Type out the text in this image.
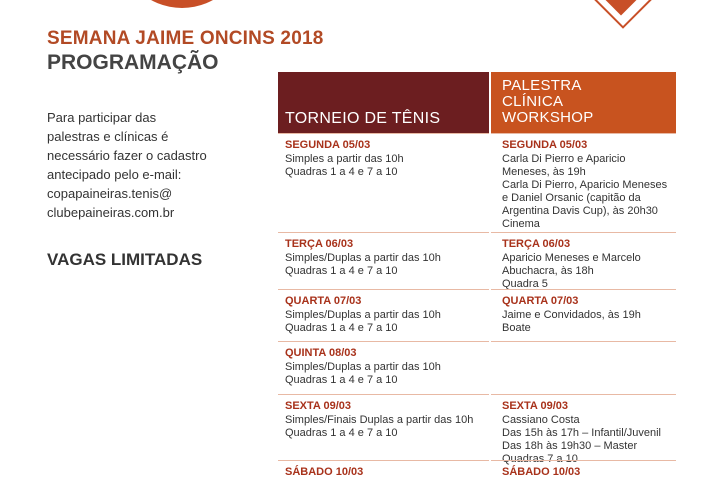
SEMANA JAIME ONCINS 2018
PROGRAMAÇÃO

Para participar das

palestras e clínicas é

necessário fazer o cadastro

antecipado pelo e-mail:

copapaineiras.tenis@

clubepaineiras.com.br

VAGAS LIMITADAS
TORNEIO DE TÊNIS
PALESTRA
CLÍNICA
WORKSHOP
SEGUNDA 05/03
Simples a partir das 10h
Quadras 1 a 4 e 7 a 10
TERÇA 06/03
Simples/Duplas a partir das 10h
Quadras 1 a 4 e 7 a 10
QUARTA 07/03
Simples/Duplas a partir das 10h
Quadras 1 a 4 e 7 a 10
QUINTA 08/03
Simples/Duplas a partir das 10h
Quadras 1 a 4 e 7 a 10
SEXTA 09/03
Simples/Finais Duplas a partir das 10h
Quadras 1 a 4 e 7 a 10
SÁBADO 10/03
SEGUNDA 05/03
Carla Di Pierro e Aparicio
Meneses, às 19h
Carla Di Pierro, Aparicio Meneses
e Daniel Orsanic (capitão da
Argentina Davis Cup), às 20h30
Cinema
TERÇA 06/03
Aparicio Meneses e Marcelo
Abuchacra, às 18h
Quadra 5
QUARTA 07/03
Jaime e Convidados, às 19h
Boate
SEXTA 09/03
Cassiano Costa
Das 15h às 17h – Infantil/Juvenil
Das 18h às 19h30 – Master
Quadras 7 a 10
SÁBADO 10/03
